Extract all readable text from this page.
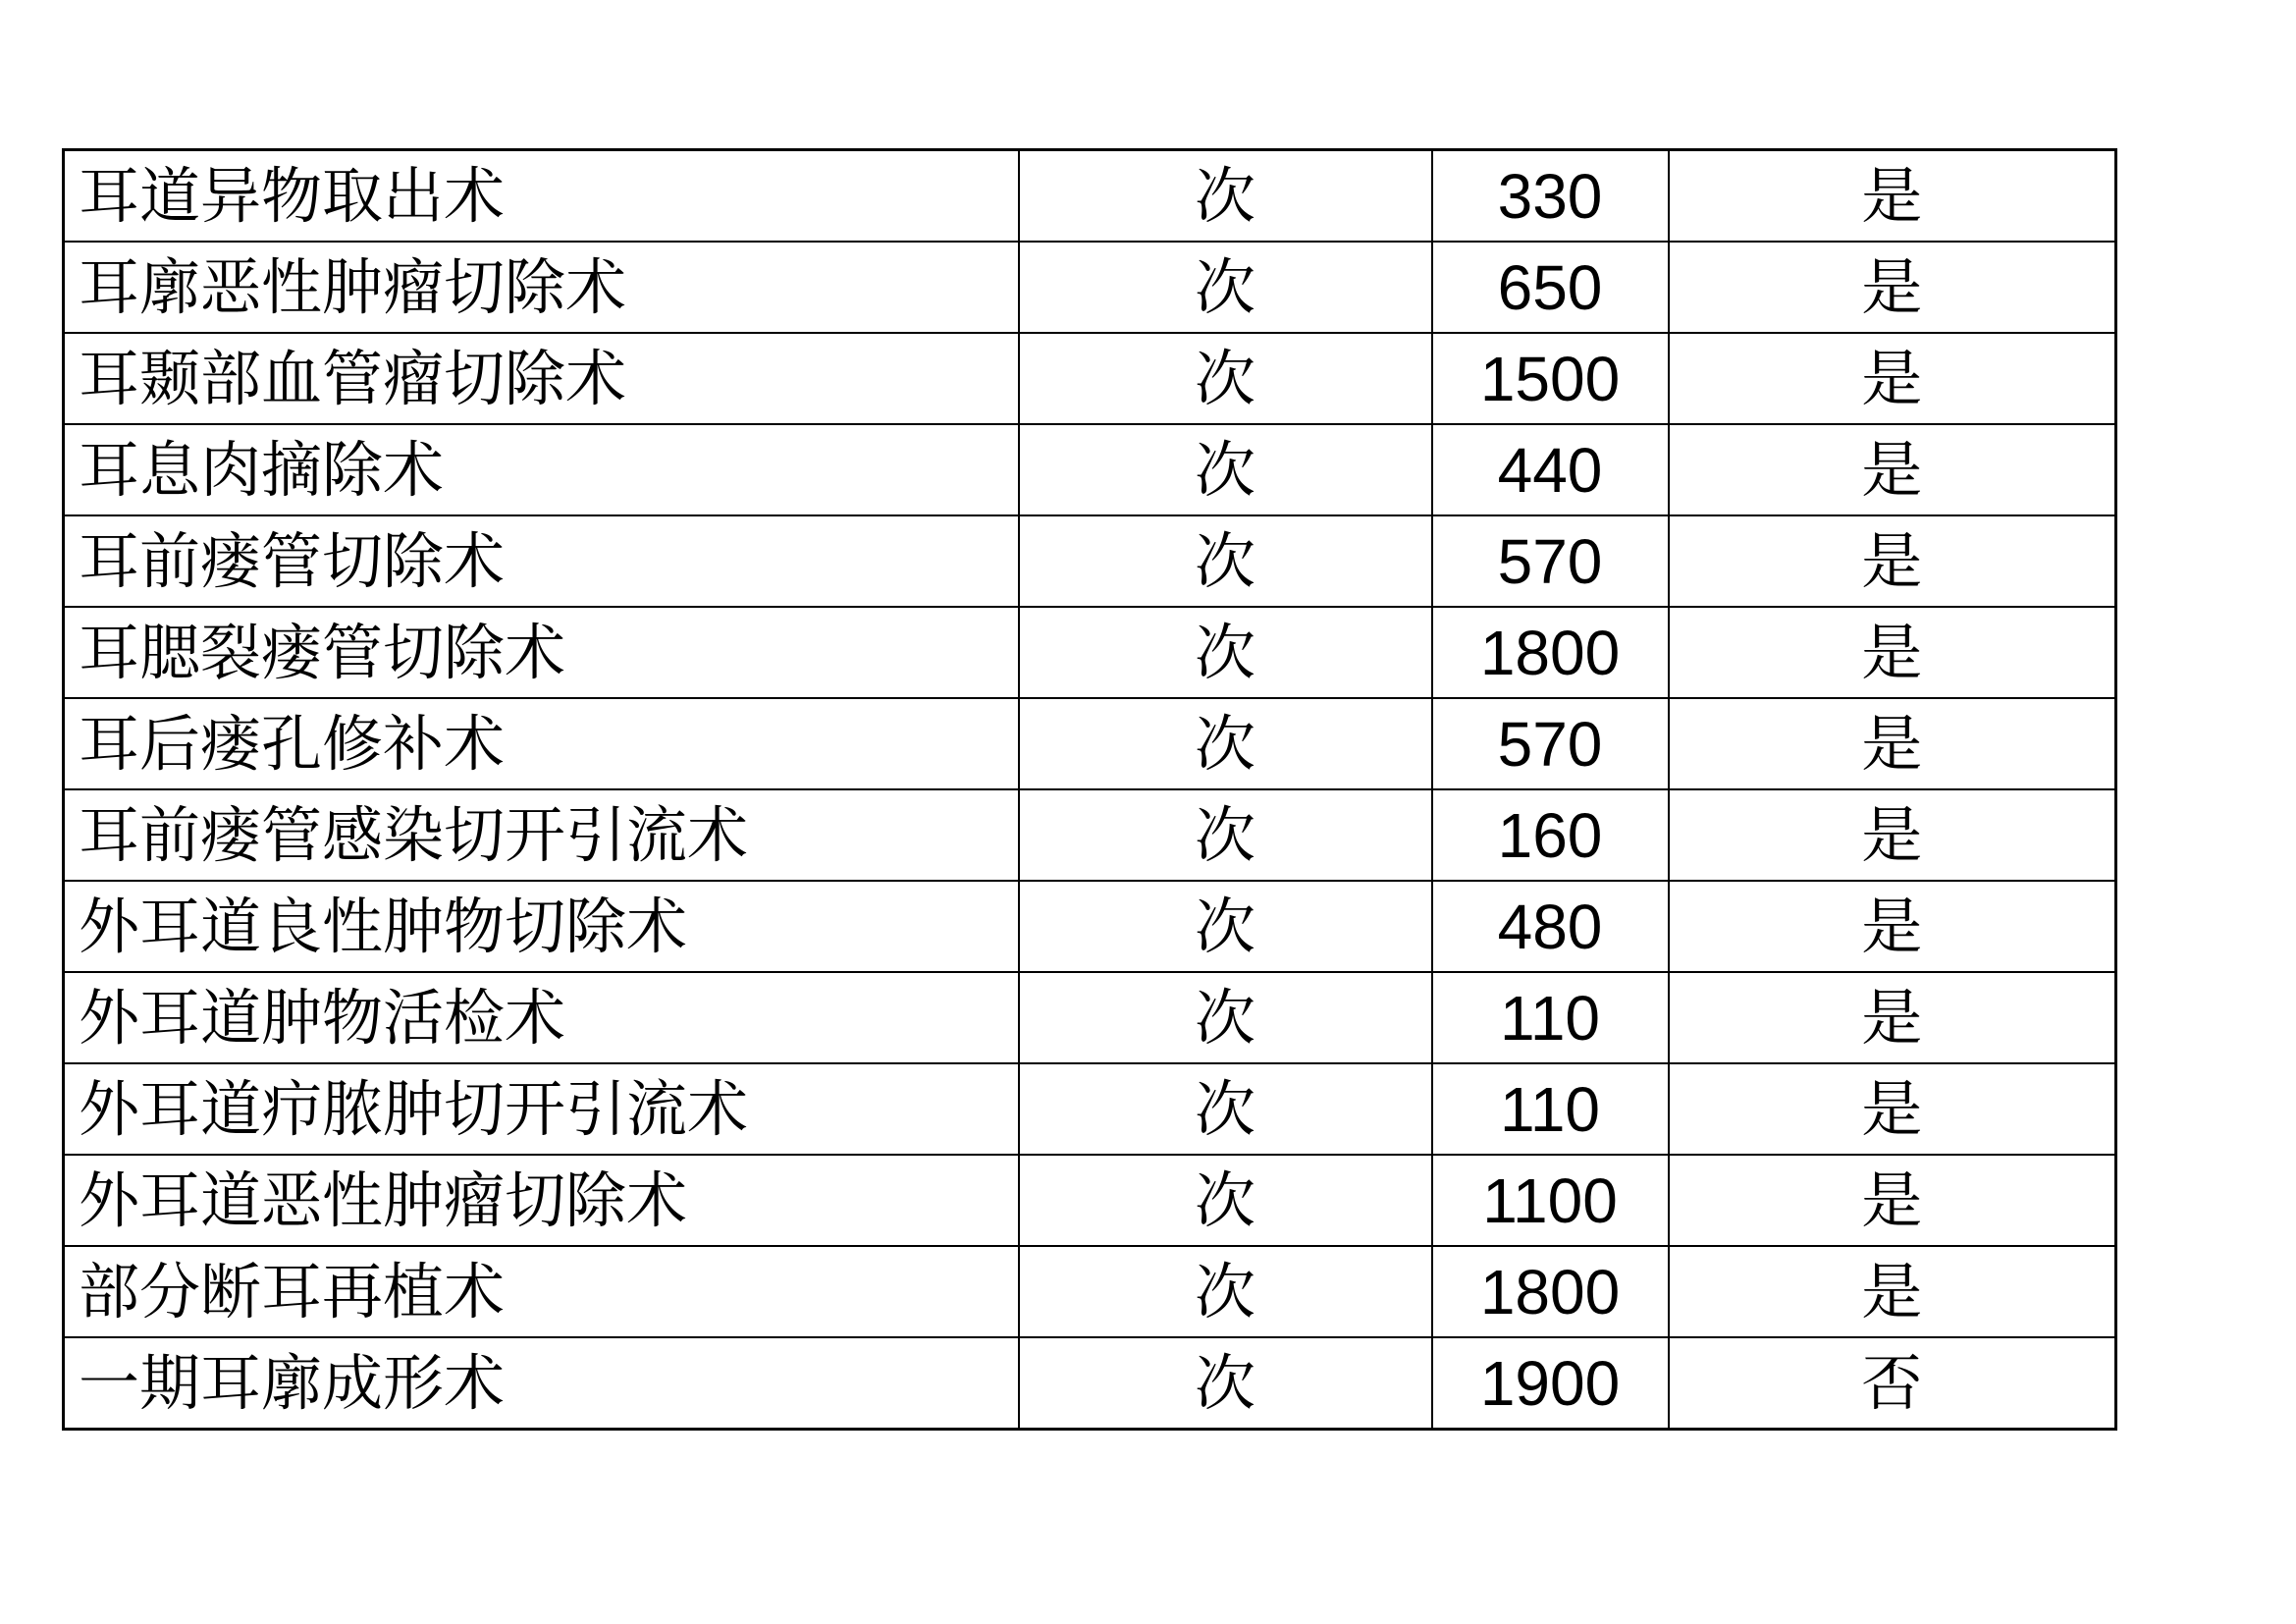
耳道异物取出术	次	330	是
耳廓恶性肿瘤切除术	次	650	是
耳颞部血管瘤切除术	次	1500	是
耳息肉摘除术	次	440	是
耳前瘘管切除术	次	570	是
耳腮裂瘘管切除术	次	1800	是
耳后瘘孔修补术	次	570	是
耳前瘘管感染切开引流术	次	160	是
外耳道良性肿物切除术	次	480	是
外耳道肿物活检术	次	110	是
外耳道疖脓肿切开引流术	次	110	是
外耳道恶性肿瘤切除术	次	1100	是
部分断耳再植术	次	1800	是
一期耳廓成形术	次	1900	否
